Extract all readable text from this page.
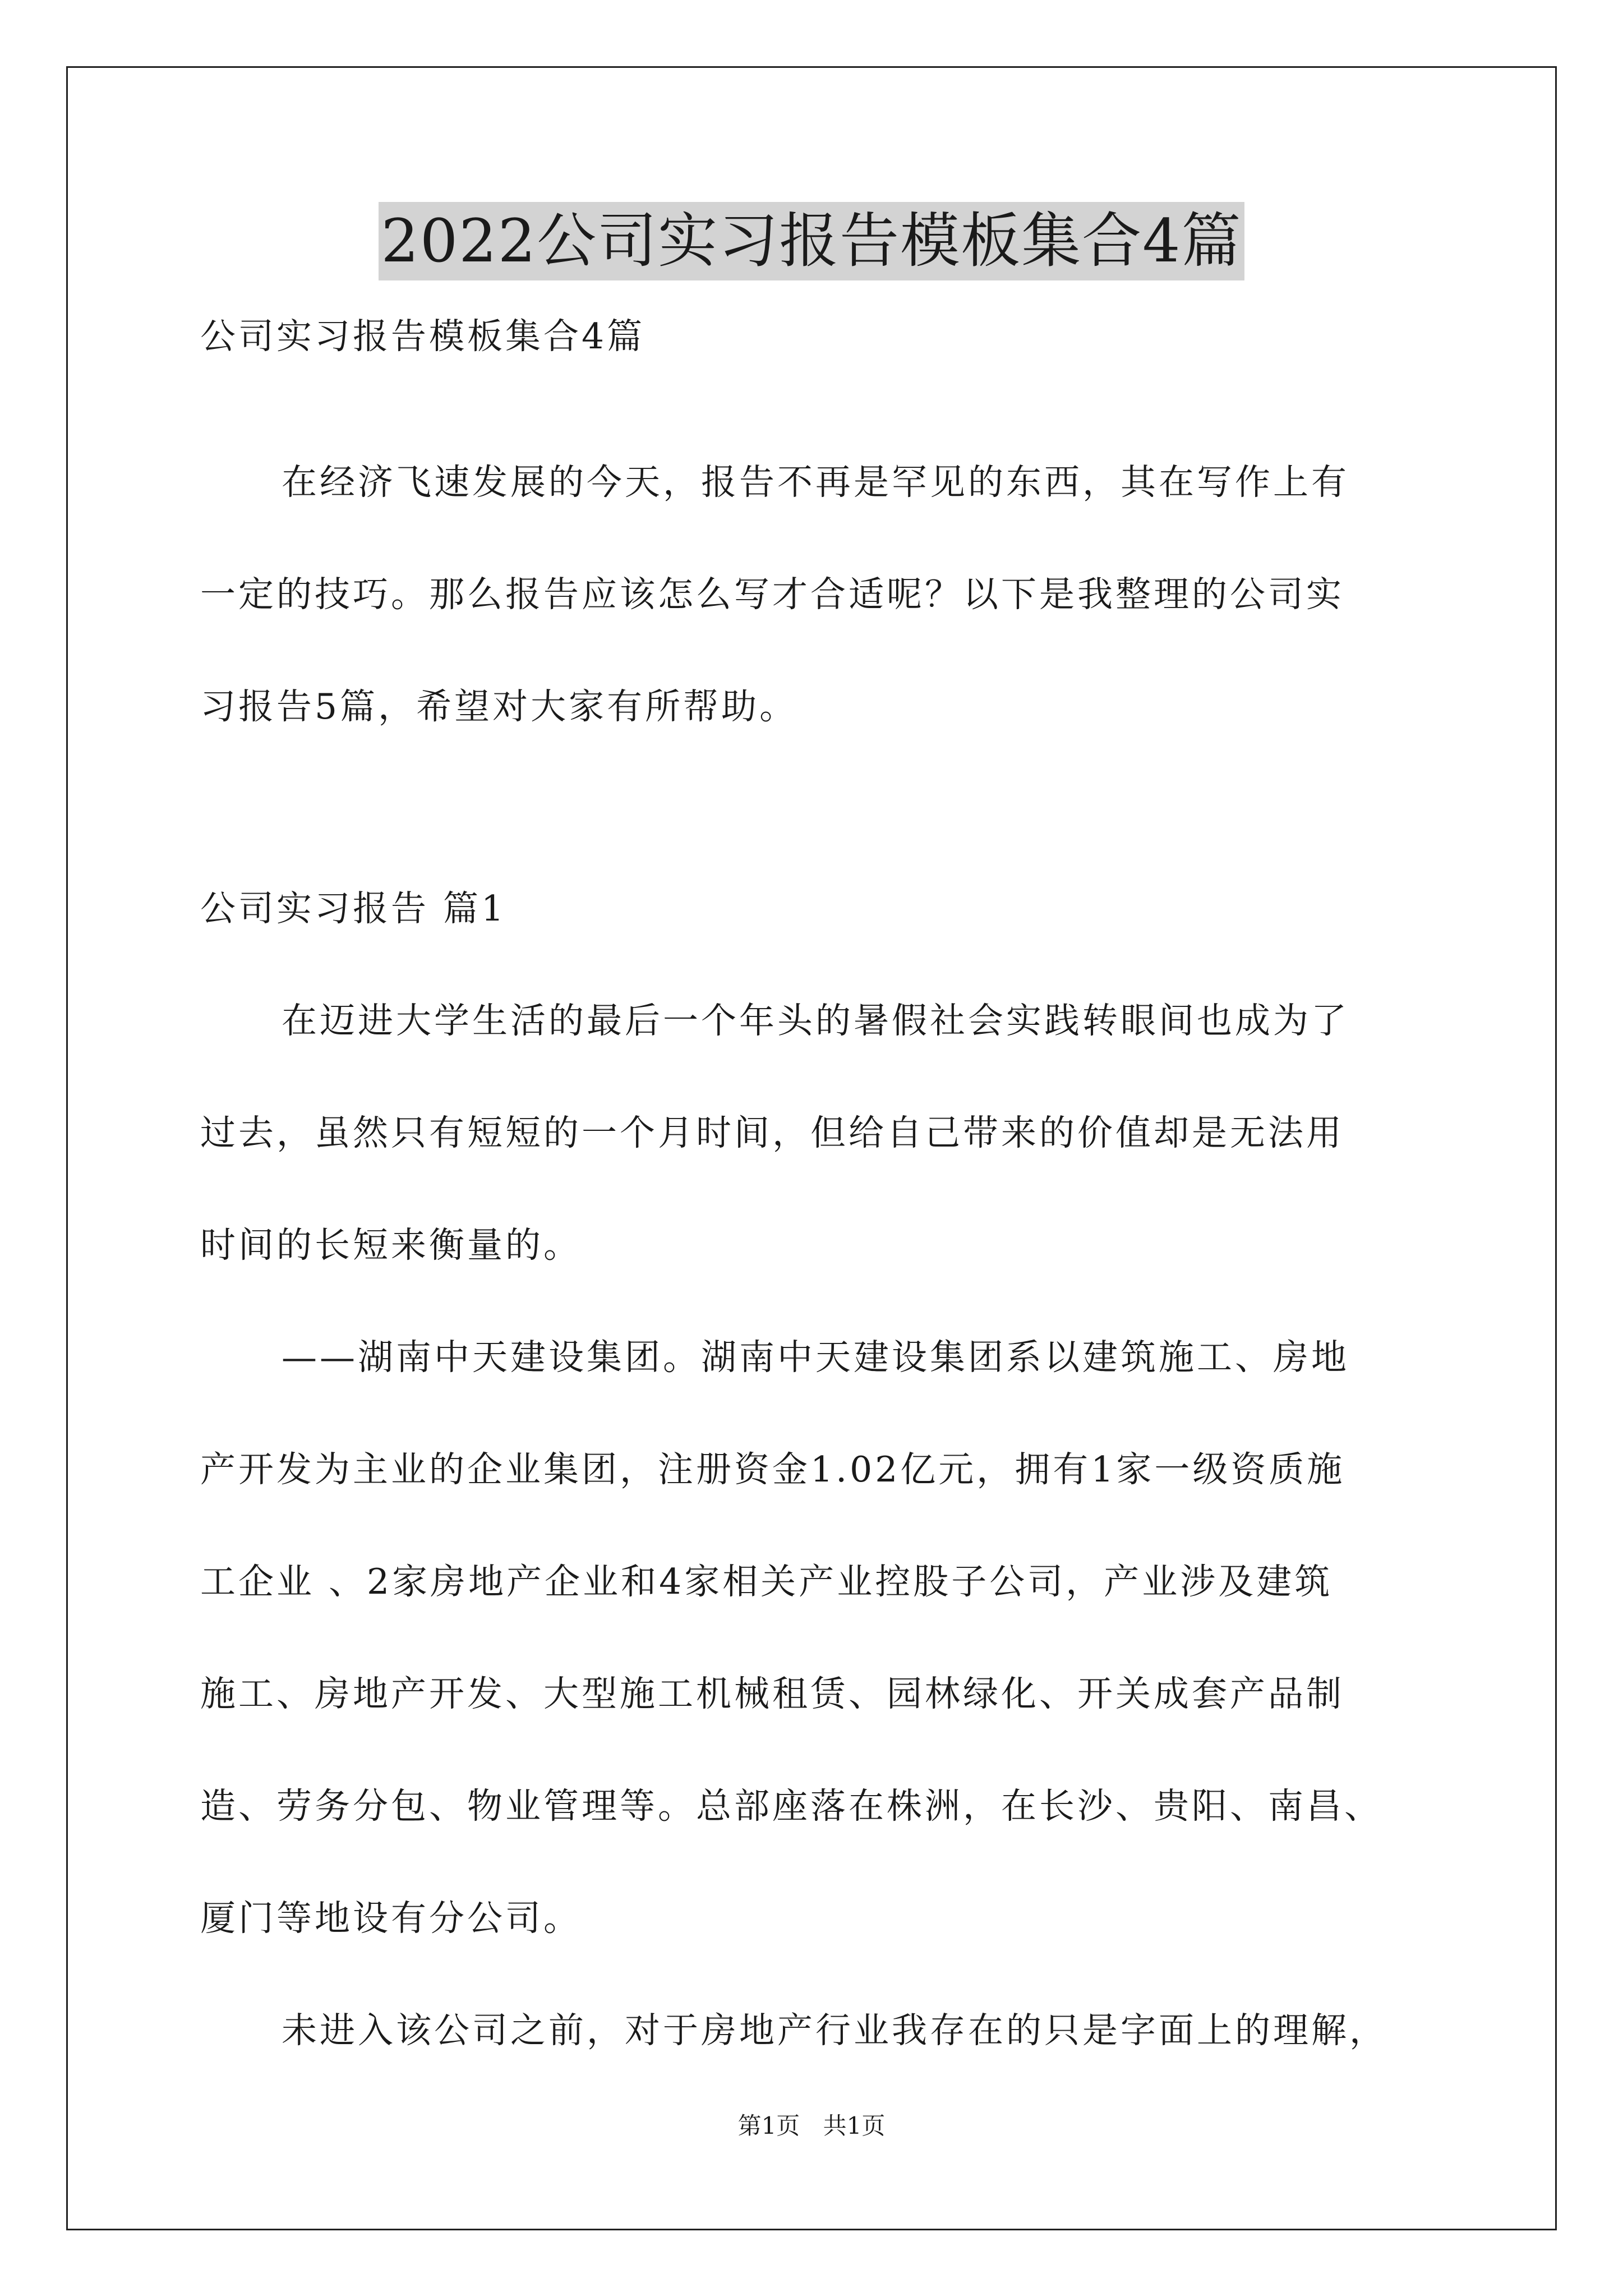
2022公司实习报告模板集合4篇
公司实习报告模板集合4篇
在经济飞速发展的今天，报告不再是罕见的东西，其在写作上有
一定的技巧。那么报告应该怎么写才合适呢？以下是我整理的公司实
习报告5篇，希望对大家有所帮助。
公司实习报告 篇1
在迈进大学生活的最后一个年头的暑假社会实践转眼间也成为了
过去，虽然只有短短的一个月时间，但给自己带来的价值却是无法用
时间的长短来衡量的。
——湖南中天建设集团。湖南中天建设集团系以建筑施工、房地
产开发为主业的企业集团，注册资金1.02亿元，拥有1家一级资质施
工企业 、2家房地产企业和4家相关产业控股子公司，产业涉及建筑
施工、房地产开发、大型施工机械租赁、园林绿化、开关成套产品制
造、劳务分包、物业管理等。总部座落在株洲，在长沙、贵阳、南昌、
厦门等地设有分公司。
未进入该公司之前，对于房地产行业我存在的只是字面上的理解，
第1页 共1页
